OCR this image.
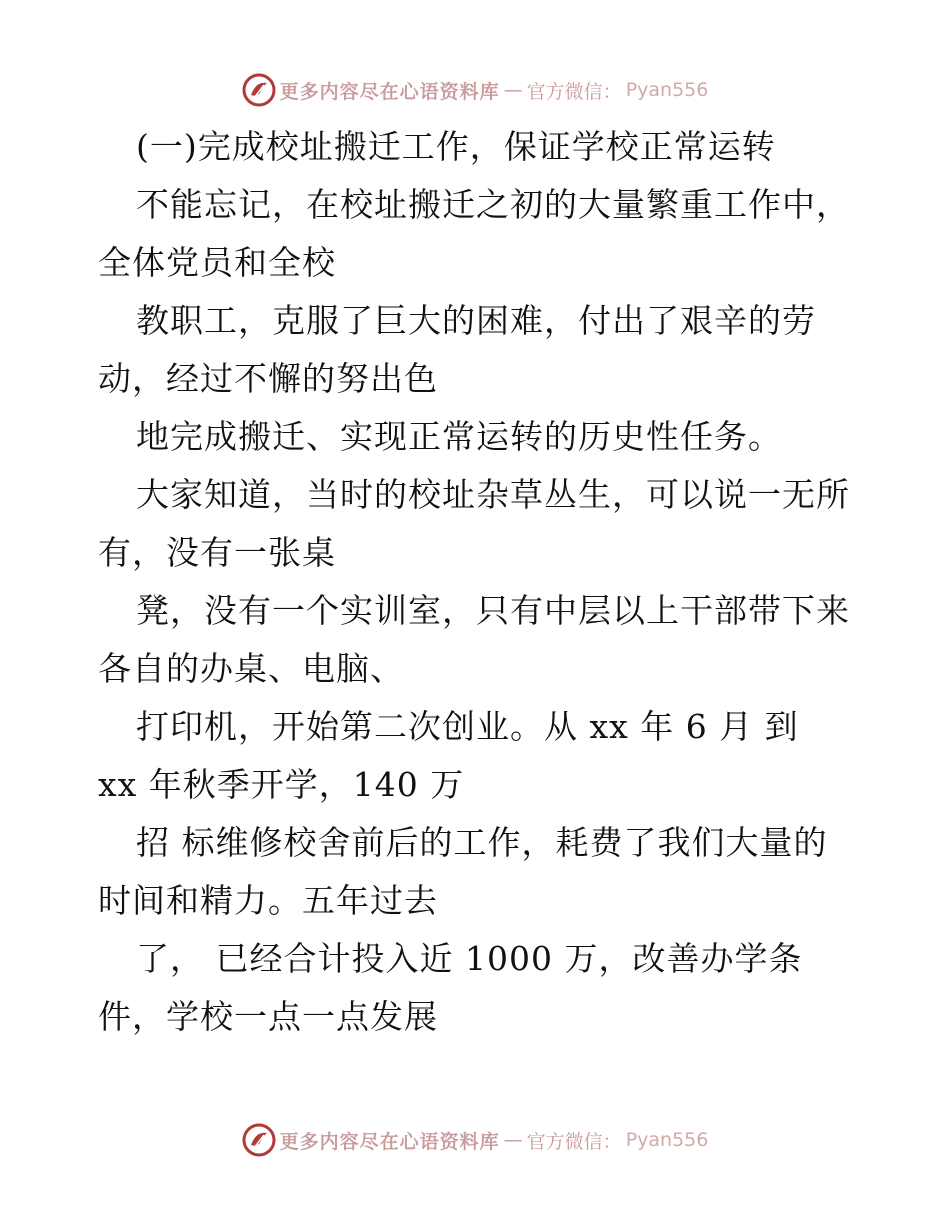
更多内容尽在心语资料库 — 官方微信： Pyan556
(一)完成校址搬迁工作，保证学校正常运转
不能忘记，在校址搬迁之初的大量繁重工作中，
全体党员和全校
教职工，克服了巨大的困难，付出了艰辛的劳
动，经过不懈的努出色
地完成搬迁、实现正常运转的历史性任务。
大家知道，当时的校址杂草丛生，可以说一无所
有，没有一张桌
凳，没有一个实训室，只有中层以上干部带下来
各自的办桌、电脑、
打印机，开始第二次创业。从 xx 年 6 月 到
xx 年秋季开学，140 万
招 标维修校舍前后的工作，耗费了我们大量的
时间和精力。五年过去
了， 已经合计投入近 1000 万，改善办学条
件，学校一点一点发展
更多内容尽在心语资料库 — 官方微信： Pyan556
